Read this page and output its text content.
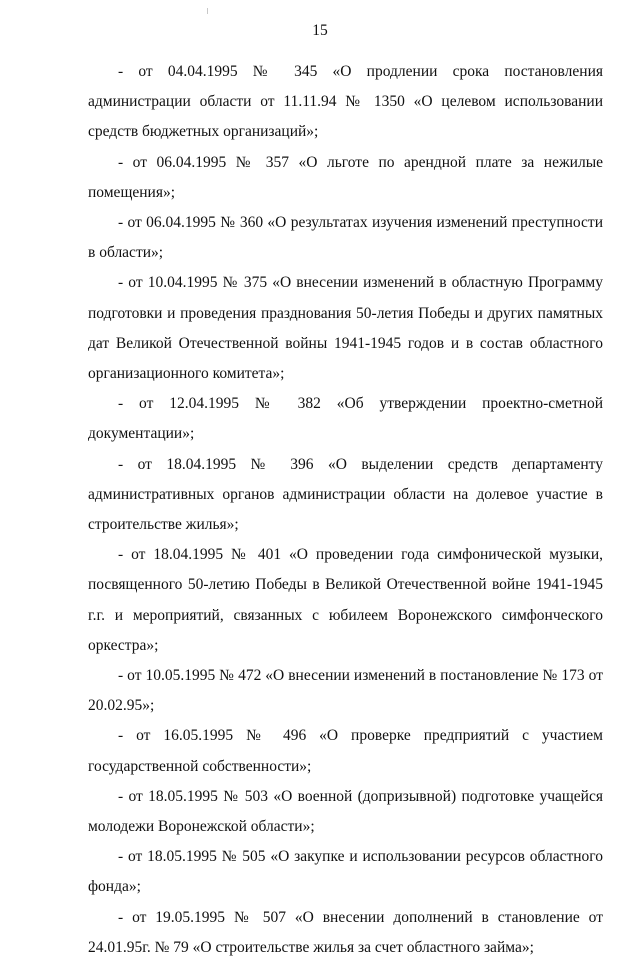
15

- от 04.04.1995 № 345 «О продлении срока постановления администрации области от 11.11.94 № 1350 «О целевом использовании средств бюджетных организаций»;

- от 06.04.1995 № 357 «О льготе по арендной плате за нежилые помещения»;

- от 06.04.1995 № 360 «О результатах изучения изменений преступности в области»;

- от 10.04.1995 № 375 «О внесении изменений в областную Программу подготовки и проведения празднования 50-летия Победы и других памятных дат Великой Отечественной войны 1941-1945 годов и в состав областного организационного комитета»;

- от 12.04.1995 № 382 «Об утверждении проектно-сметной документации»;

- от 18.04.1995 № 396 «О выделении средств департаменту административных органов администрации области на долевое участие в строительстве жилья»;

- от 18.04.1995 № 401 «О проведении года симфонической музыки, посвященного 50-летию Победы в Великой Отечественной войне 1941-1945 г.г. и мероприятий, связанных с юбилеем Воронежского симфонческого оркестра»;

- от 10.05.1995 № 472 «О внесении изменений в постановление № 173 от 20.02.95»;

- от 16.05.1995 № 496 «О проверке предприятий с участием государственной собственности»;

- от 18.05.1995 № 503 «О военной (допризывной) подготовке учащейся молодежи Воронежской области»;

- от 18.05.1995 № 505 «О закупке и использовании ресурсов областного фонда»;

- от 19.05.1995 № 507 «О внесении дополнений в становление от 24.01.95г. № 79 «О строительстве жилья за счет областного займа»;
